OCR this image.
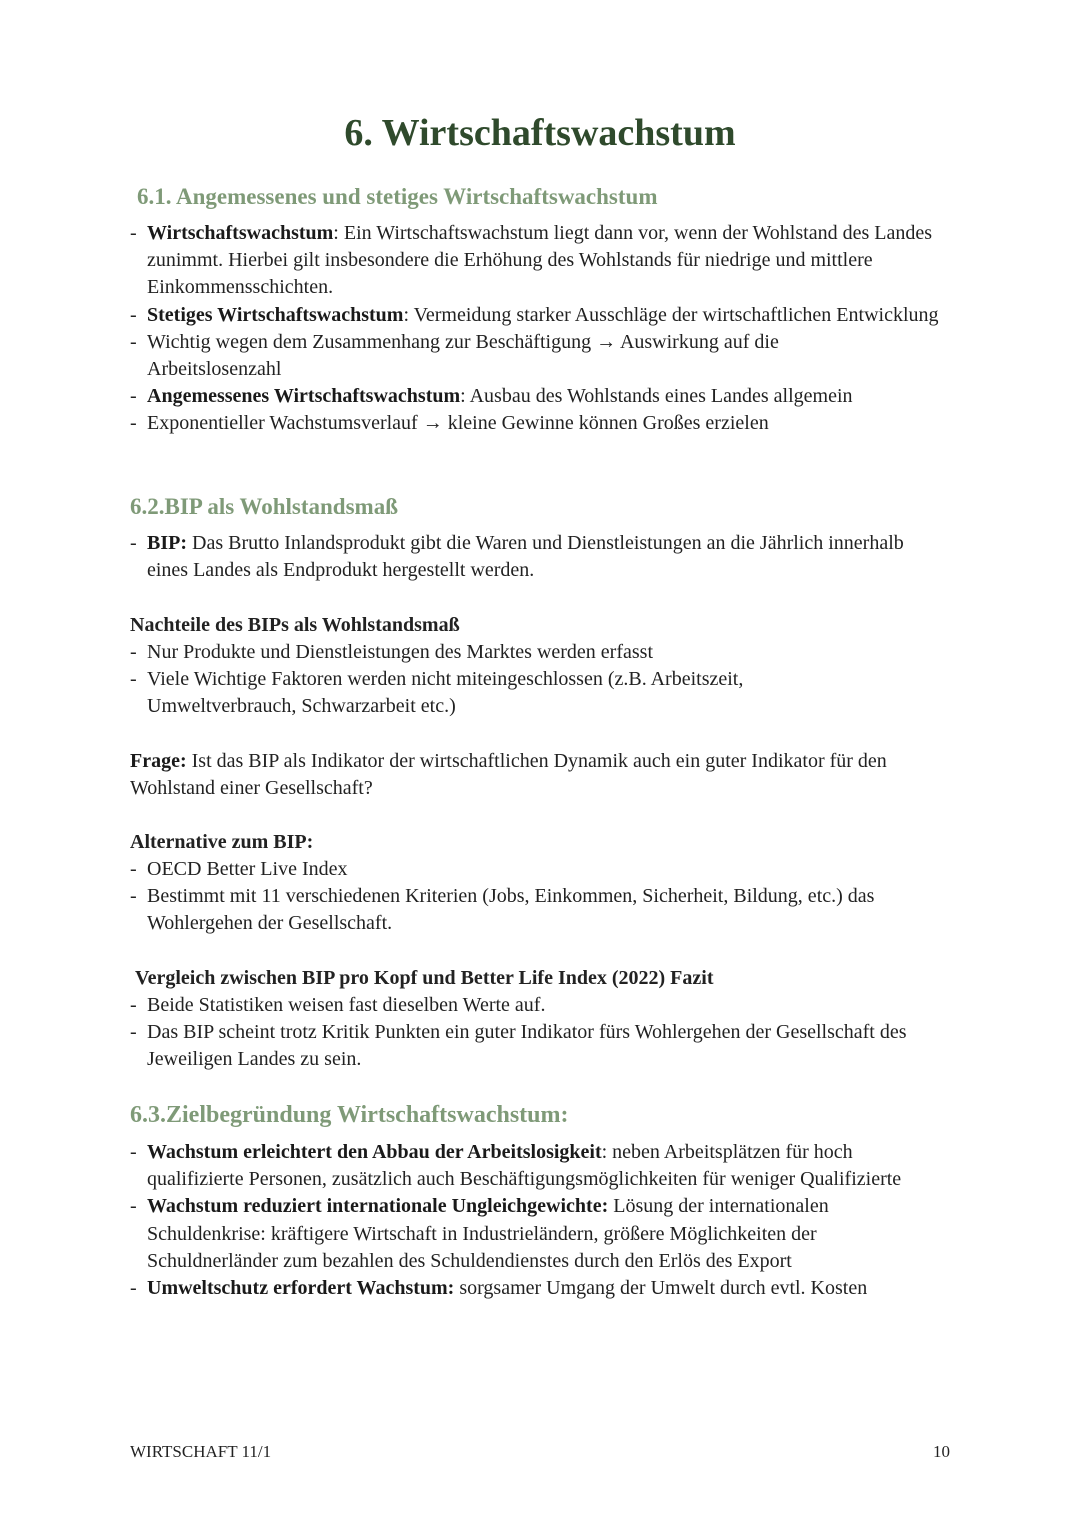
6. Wirtschaftswachstum
6.1. Angemessenes und stetiges Wirtschaftswachstum
- Wirtschaftswachstum: Ein Wirtschaftswachstum liegt dann vor, wenn der Wohlstand des Landes zunimmt. Hierbei gilt insbesondere die Erhöhung des Wohlstands für niedrige und mittlere Einkommensschichten.
- Stetiges Wirtschaftswachstum: Vermeidung starker Ausschläge der wirtschaftlichen Entwicklung
- Wichtig wegen dem Zusammenhang zur Beschäftigung → Auswirkung auf die Arbeitslosenzahl
- Angemessenes Wirtschaftswachstum: Ausbau des Wohlstands eines Landes allgemein
- Exponentieller Wachstumsverlauf → kleine Gewinne können Großes erzielen
6.2.BIP als Wohlstandsmaß
- BIP: Das Brutto Inlandsprodukt gibt die Waren und Dienstleistungen an die Jährlich innerhalb eines Landes als Endprodukt hergestellt werden.

Nachteile des BIPs als Wohlstandsmaß

- Nur Produkte und Dienstleistungen des Marktes werden erfasst
- Viele Wichtige Faktoren werden nicht miteingeschlossen (z.B. Arbeitszeit, Umweltverbrauch, Schwarzarbeit etc.)

Frage: Ist das BIP als Indikator der wirtschaftlichen Dynamik auch ein guter Indikator für den Wohlstand einer Gesellschaft?

Alternative zum BIP:

- OECD Better Live Index
- Bestimmt mit 11 verschiedenen Kriterien (Jobs, Einkommen, Sicherheit, Bildung, etc.) das Wohlergehen der Gesellschaft.

Vergleich zwischen BIP pro Kopf und Better Life Index (2022) Fazit

- Beide Statistiken weisen fast dieselben Werte auf.
- Das BIP scheint trotz Kritik Punkten ein guter Indikator fürs Wohlergehen der Gesellschaft des Jeweiligen Landes zu sein.
6.3.Zielbegründung Wirtschaftswachstum:
- Wachstum erleichtert den Abbau der Arbeitslosigkeit: neben Arbeitsplätzen für hoch qualifizierte Personen, zusätzlich auch Beschäftigungsmöglichkeiten für weniger Qualifizierte
- Wachstum reduziert internationale Ungleichgewichte: Lösung der internationalen Schuldenkrise: kräftigere Wirtschaft in Industrieländern, größere Möglichkeiten der Schuldnerländer zum bezahlen des Schuldendienstes durch den Erlös des Export
- Umweltschutz erfordert Wachstum: sorgsamer Umgang der Umwelt durch evtl. Kosten

WIRTSCHAFT 11/1	10
